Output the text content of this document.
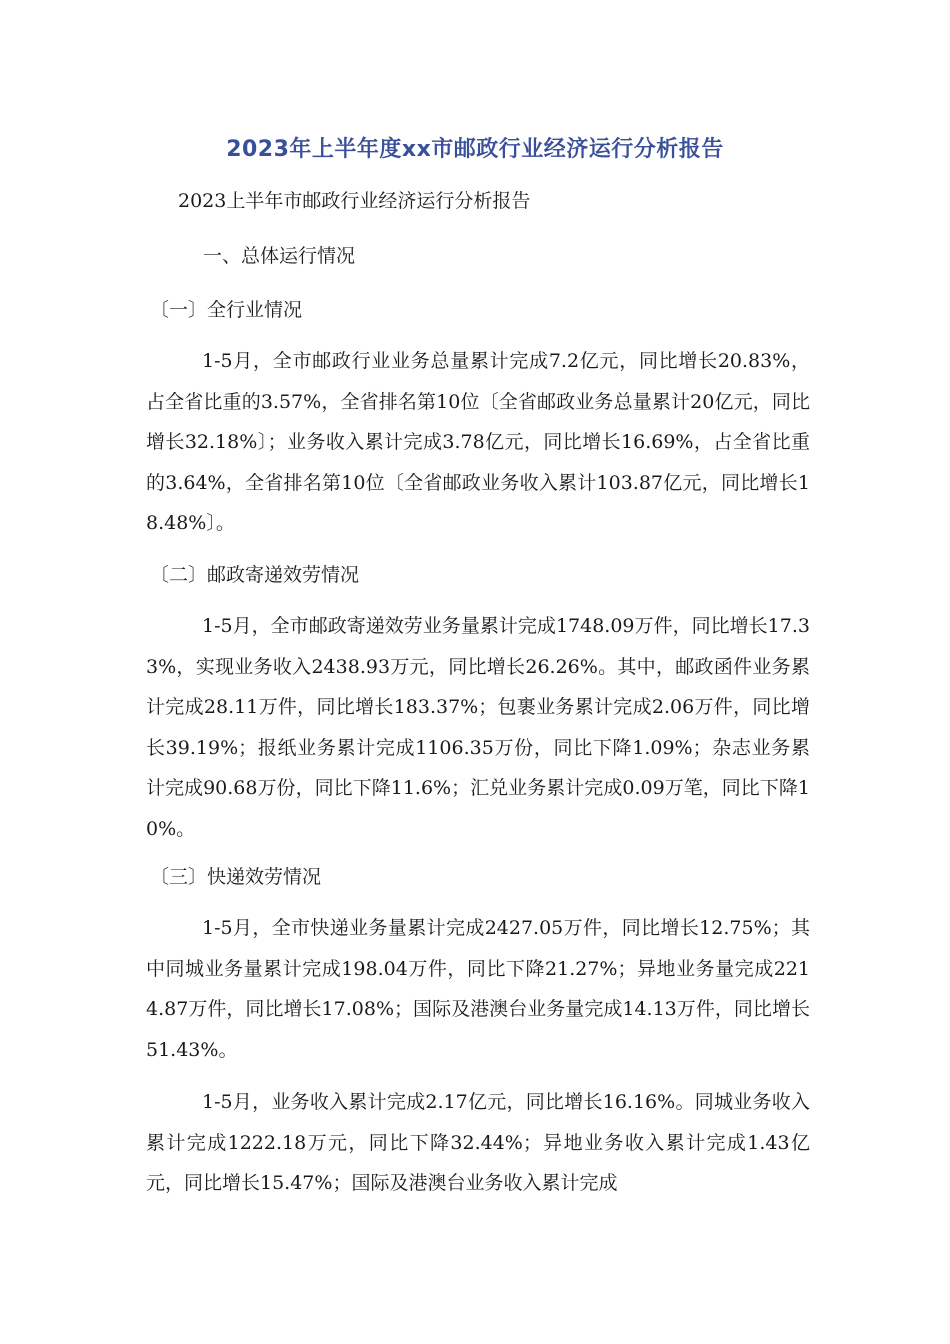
2023年上半年度xx市邮政行业经济运行分析报告

2023上半年市邮政行业经济运行分析报告

一、总体运行情况

〔一〕全行业情况

1-5月，全市邮政行业业务总量累计完成7.2亿元，同比增长20.83%，占全省比重的3.57%，全省排名第10位〔全省邮政业务总量累计20亿元，同比增长32.18%〕；业务收入累计完成3.78亿元，同比增长16.69%，占全省比重的3.64%，全省排名第10位〔全省邮政业务收入累计103.87亿元，同比增长18.48%〕。

〔二〕邮政寄递效劳情况

1-5月，全市邮政寄递效劳业务量累计完成1748.09万件，同比增长17.33%，实现业务收入2438.93万元，同比增长26.26%。其中，邮政函件业务累计完成28.11万件，同比增长183.37%；包裹业务累计完成2.06万件，同比增长39.19%；报纸业务累计完成1106.35万份，同比下降1.09%；杂志业务累计完成90.68万份，同比下降11.6%；汇兑业务累计完成0.09万笔，同比下降10%。

〔三〕快递效劳情况

1-5月，全市快递业务量累计完成2427.05万件，同比增长12.75%；其中同城业务量累计完成198.04万件，同比下降21.27%；异地业务量完成2214.87万件，同比增长17.08%；国际及港澳台业务量完成14.13万件，同比增长51.43%。

1-5月，业务收入累计完成2.17亿元，同比增长16.16%。同城业务收入累计完成1222.18万元，同比下降32.44%；异地业务收入累计完成1.43亿元，同比增长15.47%；国际及港澳台业务收入累计完成
